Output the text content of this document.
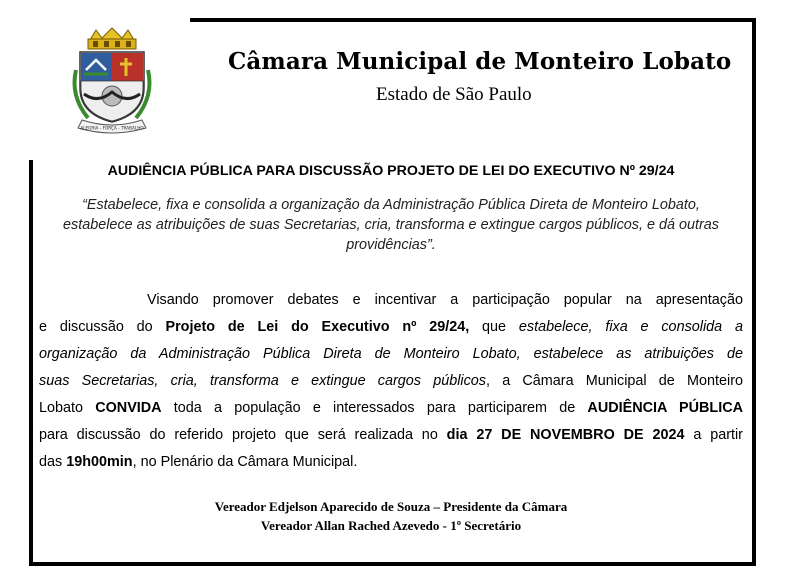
ALEGRIA - FORÇA - TRABALHO
Câmara Municipal de Monteiro Lobato
Estado de São Paulo
AUDIÊNCIA PÚBLICA PARA DISCUSSÃO PROJETO DE LEI DO EXECUTIVO Nº 29/24
“Estabelece, fixa e consolida a organização da Administração Pública Direta de Monteiro Lobato, estabelece as atribuições de suas Secretarias, cria, transforma e extingue cargos públicos, e dá outras providências”.
Visando promover debates e incentivar a participação popular na apresentação
e discussão do Projeto de Lei do Executivo nº 29/24, que estabelece, fixa e consolida a
organização da Administração Pública Direta de Monteiro Lobato, estabelece as atribuições de
suas Secretarias, cria, transforma e extingue cargos públicos, a Câmara Municipal de Monteiro
Lobato CONVIDA toda a população e interessados para participarem de AUDIÊNCIA PÚBLICA
para discussão do referido projeto que será realizada no dia 27 DE NOVEMBRO DE 2024 a partir
das 19h00min, no Plenário da Câmara Municipal.
Vereador Edjelson Aparecido de Souza – Presidente da Câmara
Vereador Allan Rached Azevedo - 1º Secretário
